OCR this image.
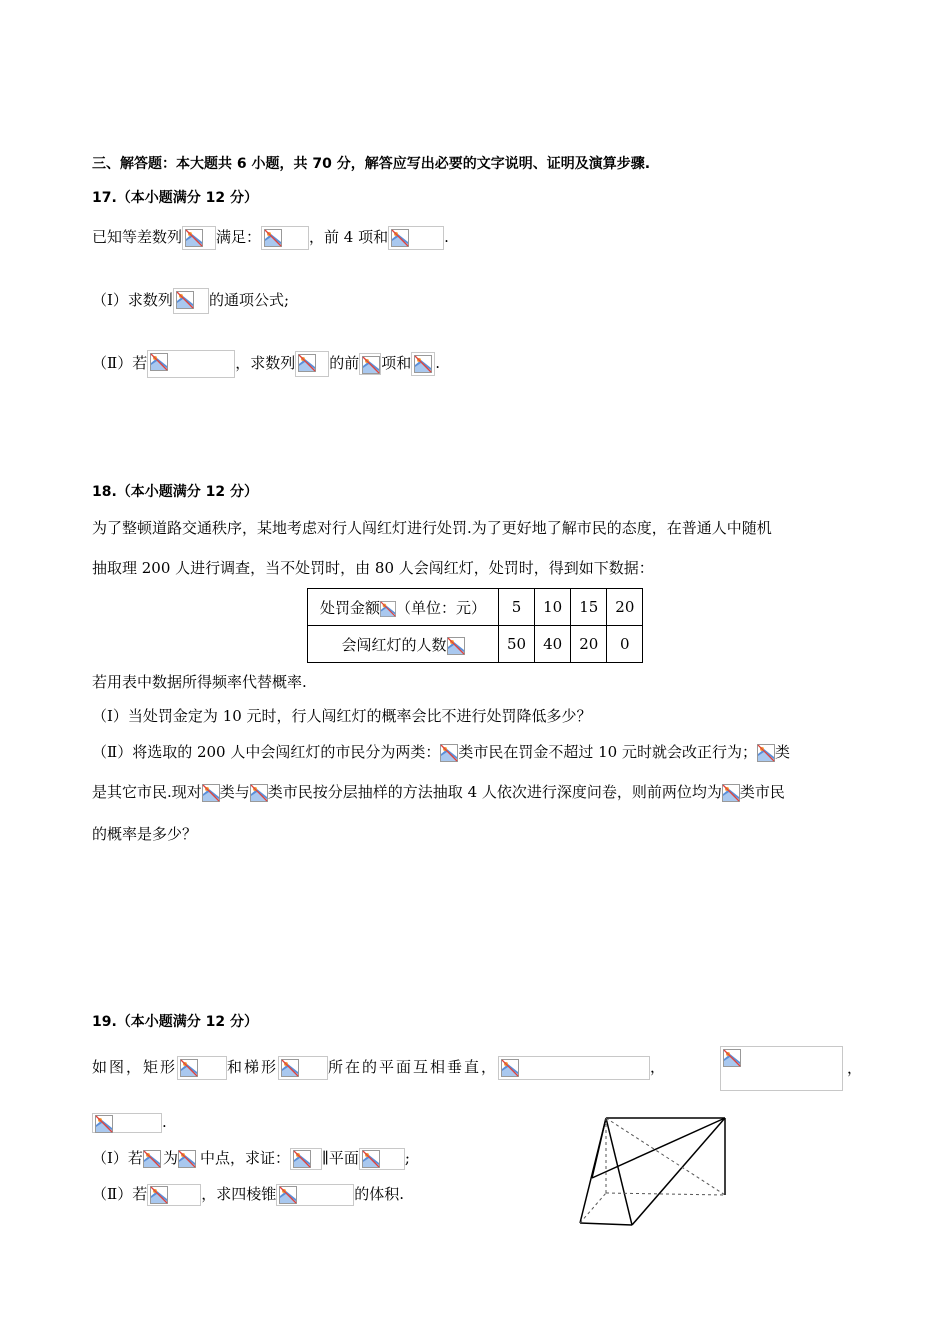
三、解答题：本大题共 6 小题，共 70 分，解答应写出必要的文字说明、证明及演算步骤.
17.（本小题满分 12 分）
已知等差数列 满足：	，前 4 项和	.
（Ⅰ）求数列 的通项公式;
（Ⅱ）若	，求数列 的前 项和 .
18.（本小题满分 12 分）
为了整顿道路交通秩序，某地考虑对行人闯红灯进行处罚.为了更好地了解市民的态度，在普通人中随机
抽取理 200 人进行调查，当不处罚时，由 80 人会闯红灯，处罚时，得到如下数据：
处罚金额 （单位：元）	5	10	15	20
会闯红灯的人数	50	40	20	0
若用表中数据所得频率代替概率.
（Ⅰ）当处罚金定为 10 元时，行人闯红灯的概率会比不进行处罚降低多少？
（Ⅱ）将选取的 200 人中会闯红灯的市民分为两类： 类市民在罚金不超过 10 元时就会改正行为； 类
是其它市民.现对 类与 类市民按分层抽样的方法抽取 4 人依次进行深度问卷，则前两位均为 类市民
的概率是多少？
19.（本小题满分 12 分）
如图，矩形	和梯形	所在的平面互相垂直，	，	，
.
（Ⅰ）若 为 中点，求证： ∥平面	;
（Ⅱ）若	，求四棱锥	的体积.
